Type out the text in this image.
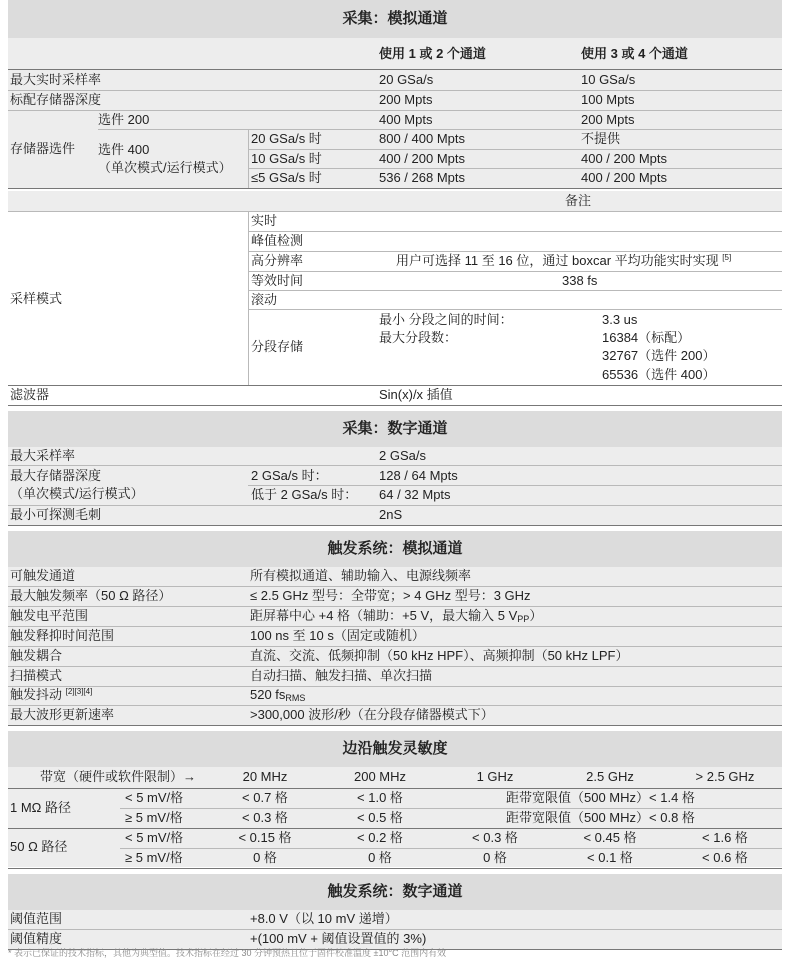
采集：模拟通道
使用 1 或 2 个通道	使用 3 或 4 个通道
最大实时采样率	20 GSa/s	10 GSa/s
标配存储器深度	200 Mpts	100 Mpts
存储器选件
选件 200	400 Mpts	200 Mpts
选件 400
（单次模式/运行模式）
20 GSa/s 时	800 / 400 Mpts	不提供
10 GSa/s 时	400 / 200 Mpts	400 / 200 Mpts
≤5 GSa/s 时	536 / 268 Mpts	400 / 200 Mpts
备注
采样模式
实时
峰值检测
高分辨率	用户可选择 11 至 16 位，通过 boxcar 平均功能实时实现 [5]
等效时间	338 fs
滚动
分段存储
最小 分段之间的时间：	3.3 us
最大分段数：	16384（标配）
32767（选件 200）
65536（选件 400）
滤波器	Sin(x)/x 插值
采集：数字通道
最大采样率	2 GSa/s
最大存储器深度
（单次模式/运行模式）
2 GSa/s 时：	128 / 64 Mpts
低于 2 GSa/s 时： 64 / 32 Mpts
最小可探测毛刺	2nS
触发系统：模拟通道
可触发通道	所有模拟通道、辅助输入、电源线频率
最大触发频率（50 Ω 路径）	≤ 2.5 GHz 型号：全带宽；> 4 GHz 型号：3 GHz
触发电平范围	距屏幕中心 +4 格（辅助：+5 V，最大输入 5 $V_{PP}$）
触发释抑时间范围	100 ns 至 10 s（固定或随机）
触发耦合	直流、交流、低频抑制（50 kHz HPF）、高频抑制（50 kHz LPF）
扫描模式	自动扫描、触发扫描、单次扫描
触发抖动 [2][3][4]	520 $fs_{RMS}$
最大波形更新速率	>300,000 波形/秒（在分段存储器模式下）
边沿触发灵敏度
带宽（硬件或软件限制）→	20 MHz	200 MHz	1 GHz	2.5 GHz	> 2.5 GHz
1 MΩ 路径
< 5 mV/格	< 0.7 格	< 1.0 格	距带宽限值（500 MHz）< 1.4 格
≥ 5 mV/格	< 0.3 格	< 0.5 格	距带宽限值（500 MHz）< 0.8 格
50 Ω 路径
< 5 mV/格	< 0.15 格	< 0.2 格	< 0.3 格	< 0.45 格	< 1.6 格
≥ 5 mV/格	0 格	0 格	0 格	< 0.1 格	< 0.6 格
触发系统：数字通道
阈值范围	+8.0 V（以 10 mV 递增）
阈值精度	+(100 mV + 阈值设置值的 3%)
* 表示已保证的技术指标，其他为典型值。技术指标在经过 30 分钟预热且位于固件校准温度 ±10°C 范围内有效
